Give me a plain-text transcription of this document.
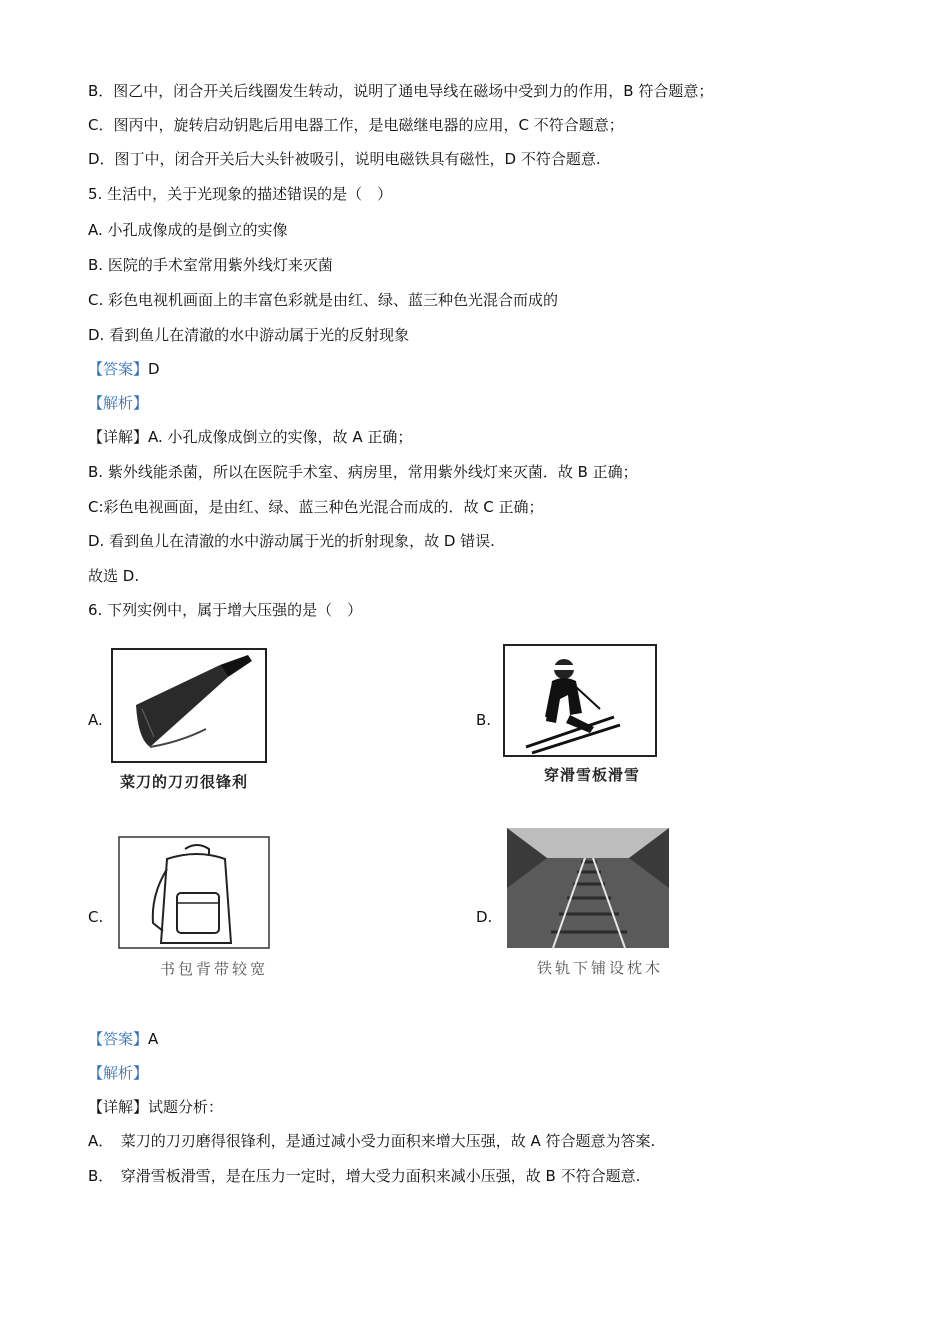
B．图乙中，闭合开关后线圈发生转动，说明了通电导线在磁场中受到力的作用，B 符合题意；
C．图丙中，旋转启动钥匙后用电器工作，是电磁继电器的应用，C 不符合题意；
D．图丁中，闭合开关后大头针被吸引，说明电磁铁具有磁性，D 不符合题意.
5. 生活中，关于光现象的描述错误的是（　）
A. 小孔成像成的是倒立的实像
B. 医院的手术室常用紫外线灯来灭菌
C. 彩色电视机画面上的丰富色彩就是由红、绿、蓝三种色光混合而成的
D. 看到鱼儿在清澈的水中游动属于光的反射现象
【答案】D
【解析】
【详解】A. 小孔成像成倒立的实像，故 A 正确；
B. 紫外线能杀菌，所以在医院手术室、病房里，常用紫外线灯来灭菌．故 B 正确；
C:彩色电视画面，是由红、绿、蓝三种色光混合而成的．故 C 正确；
D. 看到鱼儿在清澈的水中游动属于光的折射现象，故 D 错误.
故选 D.
6. 下列实例中，属于增大压强的是（　）
A.
菜刀的刀刃很锋利
B.
穿滑雪板滑雪
C.
书包背带较宽
D.
铁轨下铺设枕木
【答案】A
【解析】
【详解】试题分析：
A．　菜刀的刀刃磨得很锋利，是通过减小受力面积来增大压强，故 A 符合题意为答案.
B．　穿滑雪板滑雪，是在压力一定时，增大受力面积来减小压强，故 B 不符合题意.
